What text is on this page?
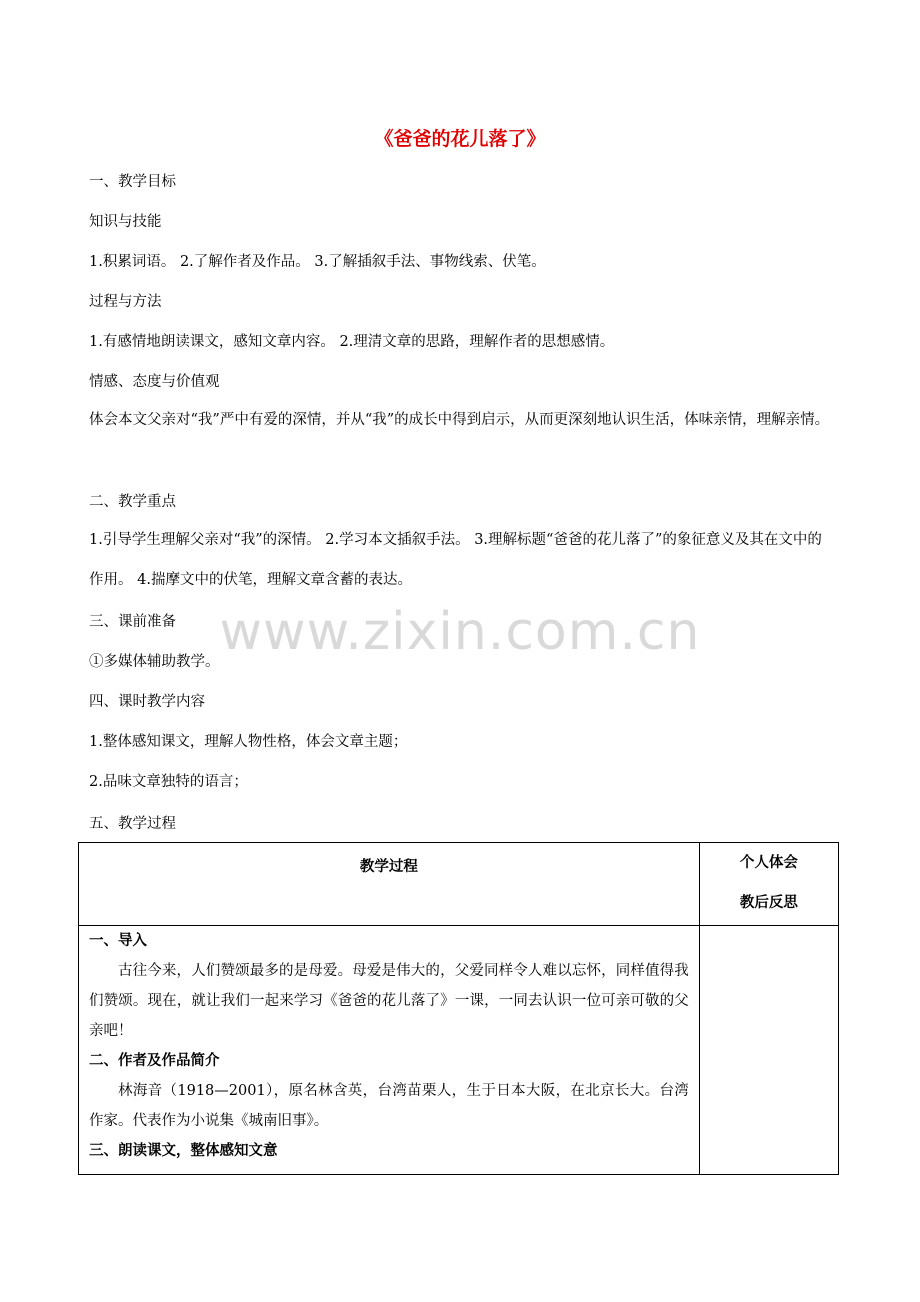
《爸爸的花儿落了》
一、教学目标
知识与技能
1.积累词语。 2.了解作者及作品。 3.了解插叙手法、事物线索、伏笔。
过程与方法
1.有感情地朗读课文，感知文章内容。 2.理清文章的思路，理解作者的思想感情。
情感、态度与价值观
体会本文父亲对“我”严中有爱的深情，并从“我”的成长中得到启示，从而更深刻地认识生活，体味亲情，理解亲情。
二、教学重点
1.引导学生理解父亲对“我”的深情。 2.学习本文插叙手法。 3.理解标题“爸爸的花儿落了”的象征意义及其在文中的作用。 4.揣摩文中的伏笔，理解文章含蓄的表达。
三、课前准备
①多媒体辅助教学。
四、课时教学内容
1.整体感知课文，理解人物性格，体会文章主题；
2.品味文章独特的语言；
五、教学过程
www.zixin.com.cn
教学过程	个人体会
教后反思

一、导入
古往今来，人们赞颂最多的是母爱。母爱是伟大的，父爱同样令人难以忘怀，同样值得我们赞颂。现在，就让我们一起来学习《爸爸的花儿落了》一课，一同去认识一位可亲可敬的父亲吧！
二、作者及作品简介
林海音（1918—2001），原名林含英，台湾苗栗人，生于日本大阪，在北京长大。台湾作家。代表作为小说集《城南旧事》。
三、朗读课文，整体感知文意	
